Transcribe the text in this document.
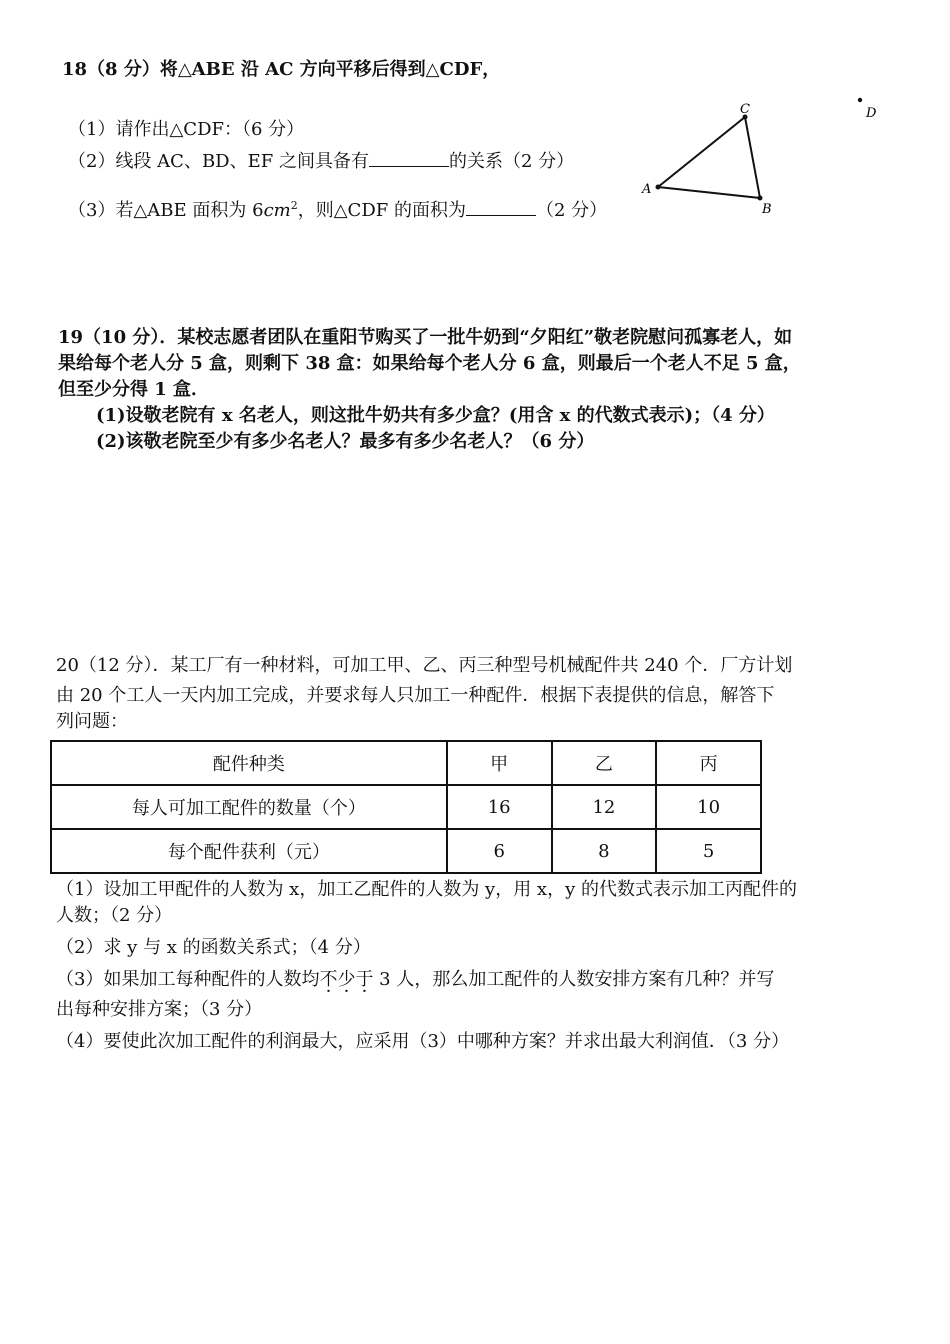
18（8 分）将△ABE 沿 AC 方向平移后得到△CDF，
（1）请作出△CDF：（6 分）
（2）线段 AC、BD、EF 之间具备有	的关系（2 分）
（3）若△ABE 面积为 $6cm^2$，则△CDF 的面积为	（2 分）
A
C
B
D
19（10 分）．某校志愿者团队在重阳节购买了一批牛奶到“夕阳红”敬老院慰问孤寡老人，如
果给每个老人分 5 盒，则剩下 38 盒：如果给每个老人分 6 盒，则最后一个老人不足 5 盒，
但至少分得 1 盒．
(1)设敬老院有 x 名老人，则这批牛奶共有多少盒？(用含 x 的代数式表示)；（4 分）
(2)该敬老院至少有多少名老人？最多有多少名老人？（6 分）
20（12 分）．某工厂有一种材料，可加工甲、乙、丙三种型号机械配件共 240 个．厂方计划
由 20 个工人一天内加工完成，并要求每人只加工一种配件．根据下表提供的信息，解答下
列问题：
配件种类	甲	乙	丙
每人可加工配件的数量（个）	16	12	10
每个配件获利（元）	6	8	5
（1）设加工甲配件的人数为 x，加工乙配件的人数为 y，用 x，y 的代数式表示加工丙配件的
人数；（2 分）
（2）求 y 与 x 的函数关系式；（4 分）
（3）如果加工每种配件的人数均不少于 3 人，那么加工配件的人数安排方案有几种？并写
出每种安排方案；（3 分）
（4）要使此次加工配件的利润最大，应采用（3）中哪种方案？并求出最大利润值．（3 分）
